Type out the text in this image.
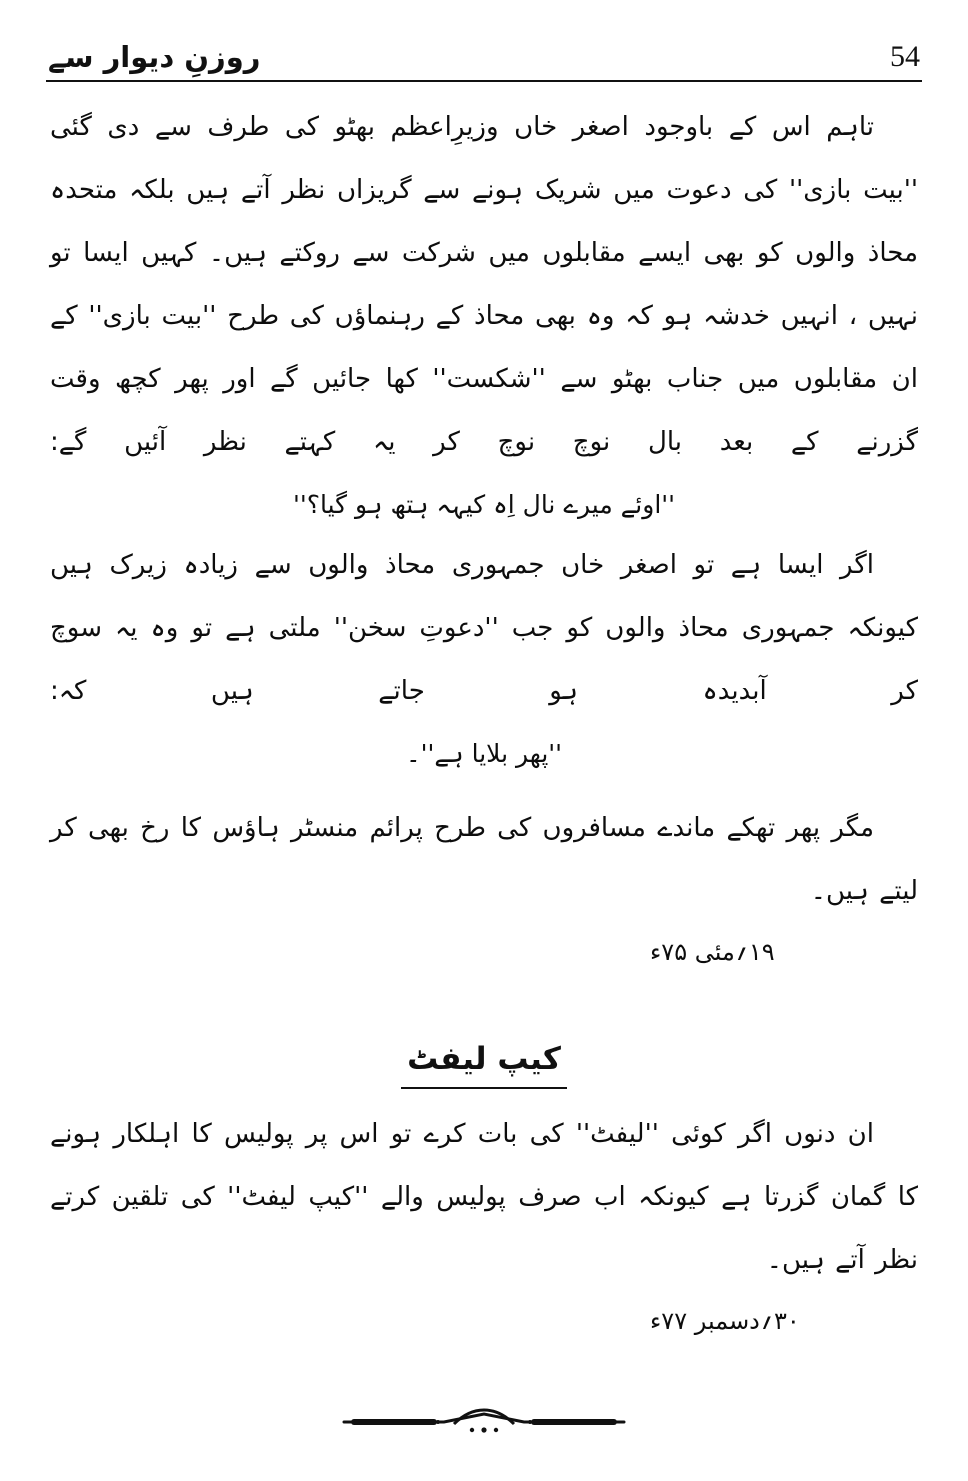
روزنِ دیوار سے	54

تاہم اس کے باوجود اصغر خاں وزیرِاعظم بھٹو کی طرف سے دی گئی ''بیت بازی'' کی دعوت میں شریک ہونے سے گریزاں نظر آتے ہیں بلکہ متحدہ محاذ والوں کو بھی ایسے مقابلوں میں شرکت سے روکتے ہیں۔ کہیں ایسا تو نہیں ، انہیں خدشہ ہو کہ وہ بھی محاذ کے رہنماؤں کی طرح ''بیت بازی'' کے ان مقابلوں میں جناب بھٹو سے ''شکست'' کھا جائیں گے اور پھر کچھ وقت گزرنے کے بعد بال نوچ نوچ کر یہ کہتے نظر آئیں گے:

''اوئے میرے نال اِہ کیہہ ہتھ ہو گیا؟''

اگر ایسا ہے تو اصغر خاں جمہوری محاذ والوں سے زیادہ زیرک ہیں کیونکہ جمہوری محاذ والوں کو جب ''دعوتِ سخن'' ملتی ہے تو وہ یہ سوچ کر آبدیدہ ہو جاتے ہیں کہ:

''پھر بلایا ہے''۔

مگر پھر تھکے ماندے مسافروں کی طرح پرائم منسٹر ہاؤس کا رخ بھی کر لیتے ہیں۔

۱۹؍مئی ۷۵ء

کیپ لیفٹ

ان دنوں اگر کوئی ''لیفٹ'' کی بات کرے تو اس پر پولیس کا اہلکار ہونے کا گمان گزرتا ہے کیونکہ اب صرف پولیس والے ''کیپ لیفٹ'' کی تلقین کرتے نظر آتے ہیں۔

۳۰؍دسمبر ۷۷ء
